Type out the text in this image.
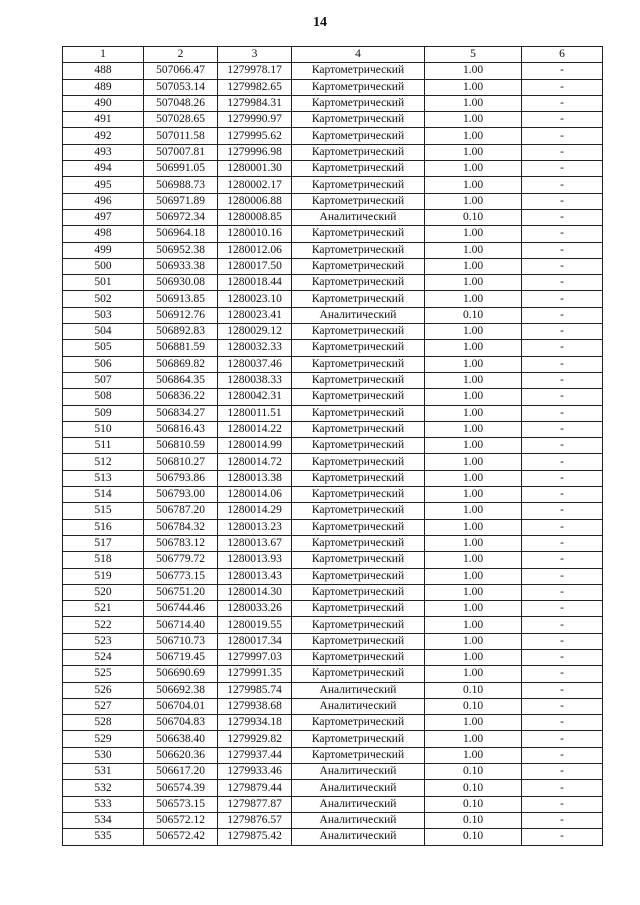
14
1	2	3	4	5	6
488	507066.47	1279978.17	Картометрический	1.00	-
489	507053.14	1279982.65	Картометрический	1.00	-
490	507048.26	1279984.31	Картометрический	1.00	-
491	507028.65	1279990.97	Картометрический	1.00	-
492	507011.58	1279995.62	Картометрический	1.00	-
493	507007.81	1279996.98	Картометрический	1.00	-
494	506991.05	1280001.30	Картометрический	1.00	-
495	506988.73	1280002.17	Картометрический	1.00	-
496	506971.89	1280006.88	Картометрический	1.00	-
497	506972.34	1280008.85	Аналитический	0.10	-
498	506964.18	1280010.16	Картометрический	1.00	-
499	506952.38	1280012.06	Картометрический	1.00	-
500	506933.38	1280017.50	Картометрический	1.00	-
501	506930.08	1280018.44	Картометрический	1.00	-
502	506913.85	1280023.10	Картометрический	1.00	-
503	506912.76	1280023.41	Аналитический	0.10	-
504	506892.83	1280029.12	Картометрический	1.00	-
505	506881.59	1280032.33	Картометрический	1.00	-
506	506869.82	1280037.46	Картометрический	1.00	-
507	506864.35	1280038.33	Картометрический	1.00	-
508	506836.22	1280042.31	Картометрический	1.00	-
509	506834.27	1280011.51	Картометрический	1.00	-
510	506816.43	1280014.22	Картометрический	1.00	-
511	506810.59	1280014.99	Картометрический	1.00	-
512	506810.27	1280014.72	Картометрический	1.00	-
513	506793.86	1280013.38	Картометрический	1.00	-
514	506793.00	1280014.06	Картометрический	1.00	-
515	506787.20	1280014.29	Картометрический	1.00	-
516	506784.32	1280013.23	Картометрический	1.00	-
517	506783.12	1280013.67	Картометрический	1.00	-
518	506779.72	1280013.93	Картометрический	1.00	-
519	506773.15	1280013.43	Картометрический	1.00	-
520	506751.20	1280014.30	Картометрический	1.00	-
521	506744.46	1280033.26	Картометрический	1.00	-
522	506714.40	1280019.55	Картометрический	1.00	-
523	506710.73	1280017.34	Картометрический	1.00	-
524	506719.45	1279997.03	Картометрический	1.00	-
525	506690.69	1279991.35	Картометрический	1.00	-
526	506692.38	1279985.74	Аналитический	0.10	-
527	506704.01	1279938.68	Аналитический	0.10	-
528	506704.83	1279934.18	Картометрический	1.00	-
529	506638.40	1279929.82	Картометрический	1.00	-
530	506620.36	1279937.44	Картометрический	1.00	-
531	506617.20	1279933.46	Аналитический	0.10	-
532	506574.39	1279879.44	Аналитический	0.10	-
533	506573.15	1279877.87	Аналитический	0.10	-
534	506572.12	1279876.57	Аналитический	0.10	-
535	506572.42	1279875.42	Аналитический	0.10	-
